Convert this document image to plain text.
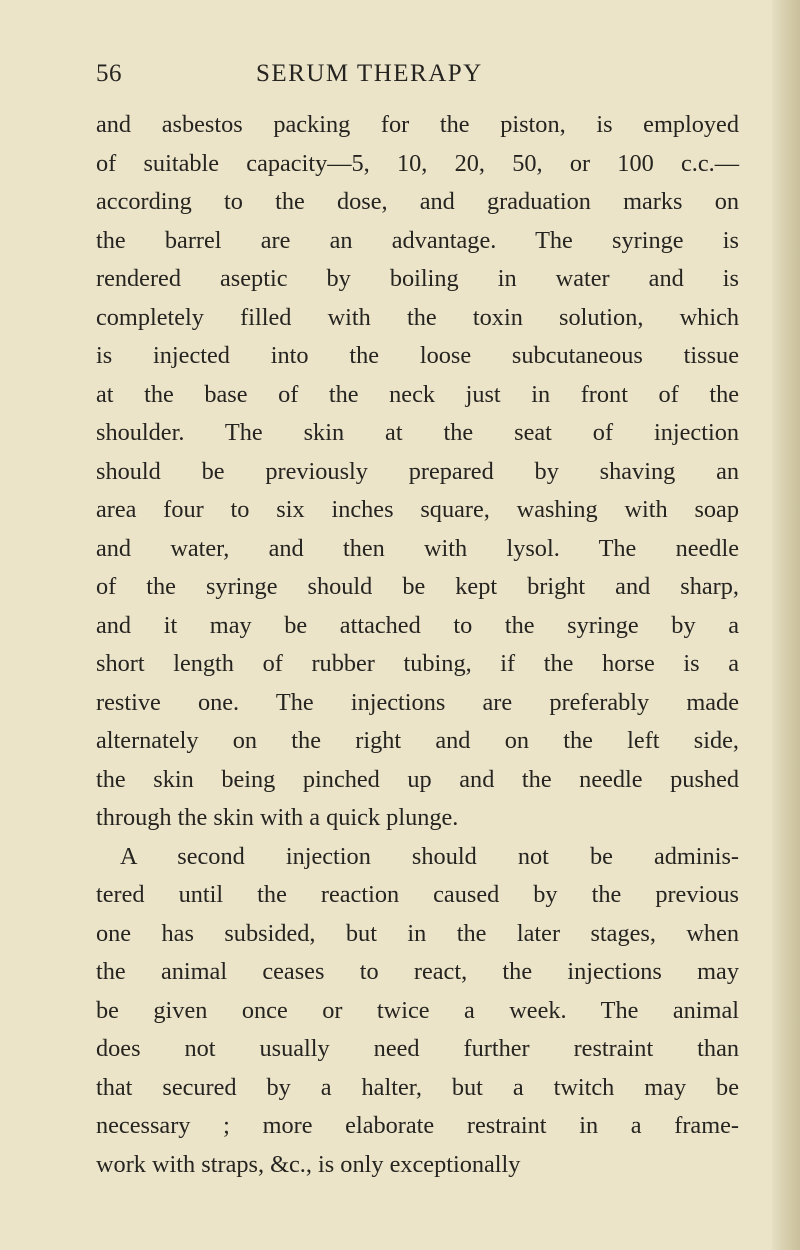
56	SERUM THERAPY
and asbestos packing for the piston, is employed
of suitable capacity—5, 10, 20, 50, or 100 c.c.—
according to the dose, and graduation marks on
the barrel are an advantage. The syringe is
rendered aseptic by boiling in water and is
completely filled with the toxin solution, which
is injected into the loose subcutaneous tissue
at the base of the neck just in front of the
shoulder. The skin at the seat of injection
should be previously prepared by shaving an
area four to six inches square, washing with soap
and water, and then with lysol. The needle
of the syringe should be kept bright and sharp,
and it may be attached to the syringe by a
short length of rubber tubing, if the horse is a
restive one. The injections are preferably made
alternately on the right and on the left side,
the skin being pinched up and the needle pushed
through the skin with a quick plunge.
A second injection should not be adminis-
tered until the reaction caused by the previous
one has subsided, but in the later stages, when
the animal ceases to react, the injections may
be given once or twice a week. The animal
does not usually need further restraint than
that secured by a halter, but a twitch may be
necessary ; more elaborate restraint in a frame-
work with straps, &c., is only exceptionally
